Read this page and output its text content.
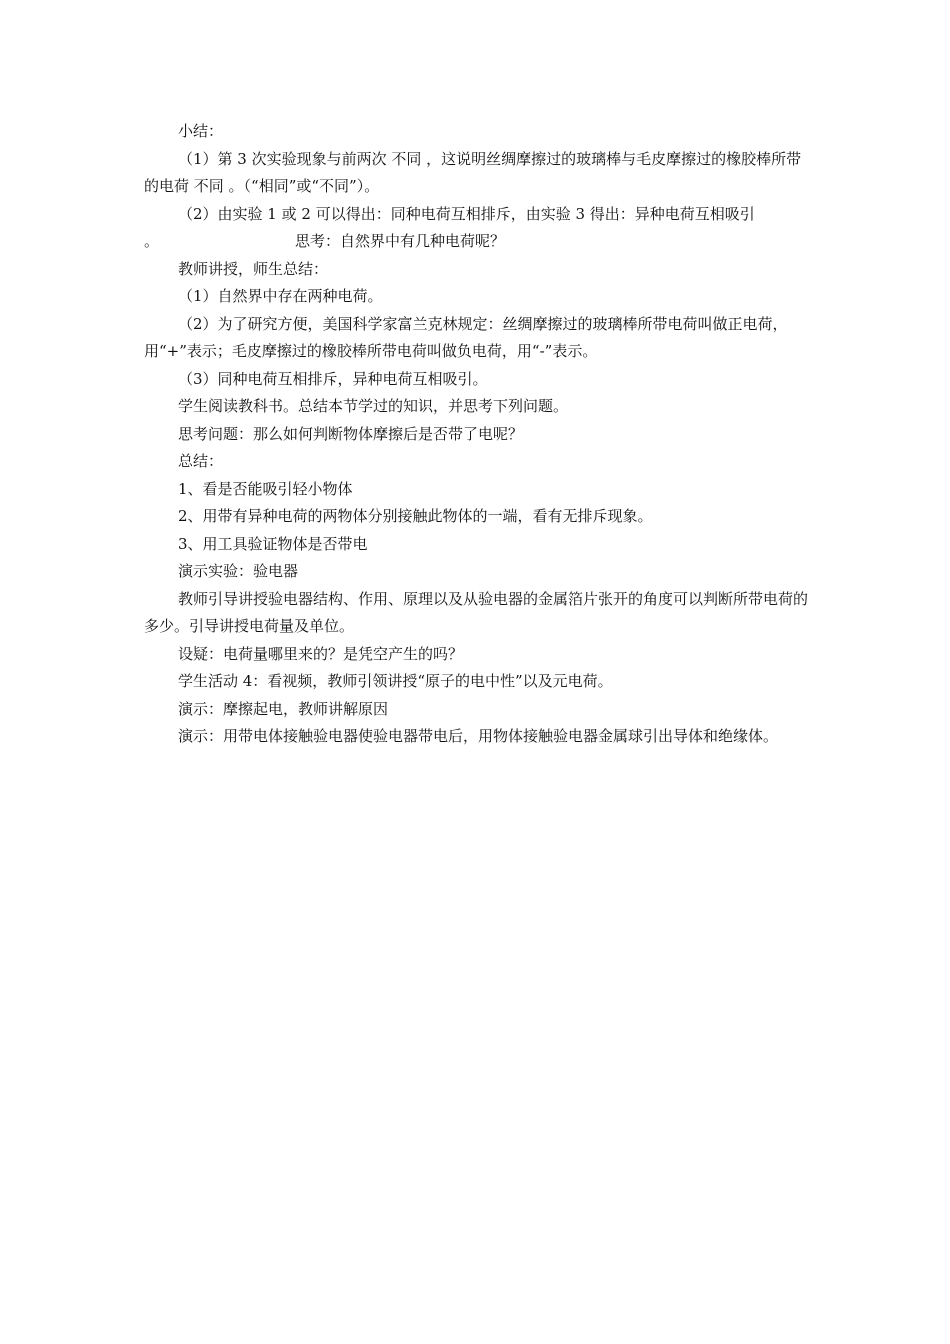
小结：

（1）第 3 次实验现象与前两次 不同 ，这说明丝绸摩擦过的玻璃棒与毛皮摩擦过的橡胶棒所带的电荷 不同 。（“相同”或“不同”）。

（2）由实验 1 或 2 可以得出：同种电荷互相排斥，由实验 3 得出：异种电荷互相吸引

。	思考：自然界中有几种电荷呢？

教师讲授，师生总结：

（1）自然界中存在两种电荷。

（2）为了研究方便，美国科学家富兰克林规定：丝绸摩擦过的玻璃棒所带电荷叫做正电荷，用“+”表示；毛皮摩擦过的橡胶棒所带电荷叫做负电荷，用“-”表示。

（3）同种电荷互相排斥，异种电荷互相吸引。

学生阅读教科书。总结本节学过的知识，并思考下列问题。

思考问题：那么如何判断物体摩擦后是否带了电呢？

总结：

1、看是否能吸引轻小物体

2、用带有异种电荷的两物体分别接触此物体的一端，看有无排斥现象。

3、用工具验证物体是否带电

演示实验：验电器

教师引导讲授验电器结构、作用、原理以及从验电器的金属箔片张开的角度可以判断所带电荷的多少。引导讲授电荷量及单位。

设疑：电荷量哪里来的？是凭空产生的吗？

学生活动 4：看视频，教师引领讲授“原子的电中性”以及元电荷。

演示：摩擦起电，教师讲解原因

演示：用带电体接触验电器使验电器带电后，用物体接触验电器金属球引出导体和绝缘体。
